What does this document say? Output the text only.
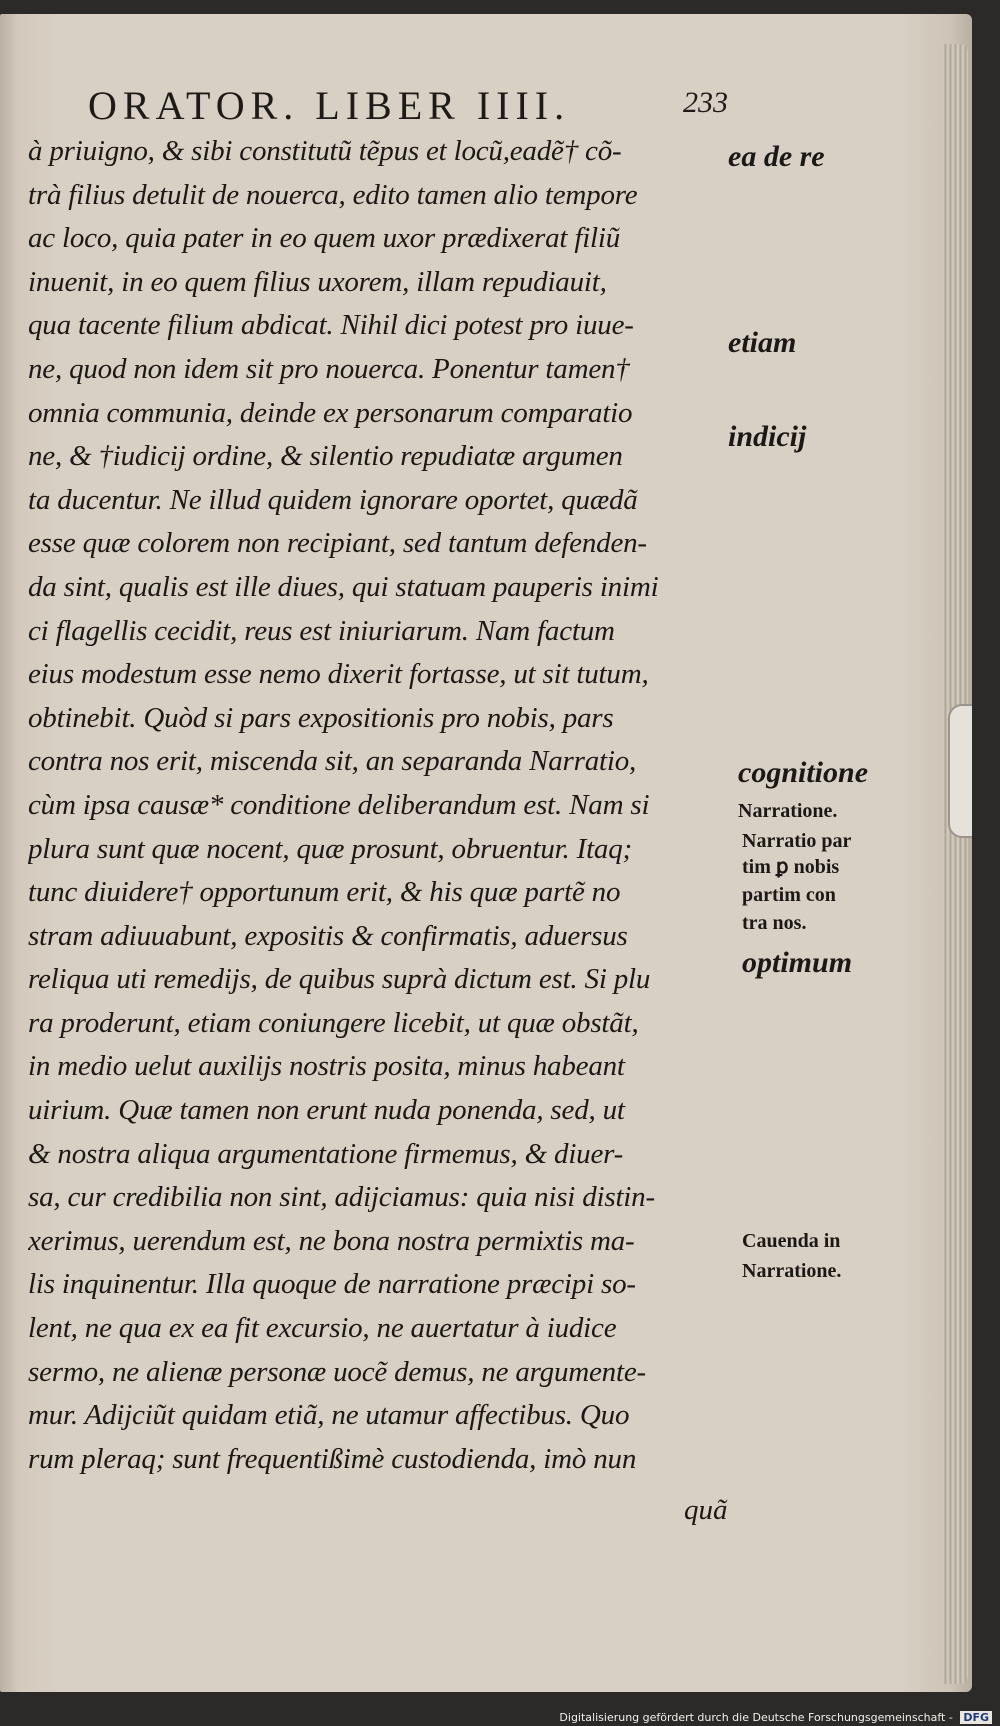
ORATOR. LIBER IIII.	233
à priuigno, & sibi constitutũ tẽpus et locũ,eadẽ† cõ-
trà filius detulit de nouerca, edito tamen alio tempore
ac loco, quia pater in eo quem uxor prædixerat filiũ
inuenit, in eo quem filius uxorem, illam repudiauit,
qua tacente filium abdicat. Nihil dici potest pro iuue-
ne, quod non idem sit pro nouerca. Ponentur tamen†
omnia communia, deinde ex personarum comparatio
ne, & †iudicij ordine, & silentio repudiatæ argumen
ta ducentur. Ne illud quidem ignorare oportet, quædã
esse quæ colorem non recipiant, sed tantum defenden-
da sint, qualis est ille diues, qui statuam pauperis inimi
ci flagellis cecidit, reus est iniuriarum. Nam factum
eius modestum esse nemo dixerit fortasse, ut sit tutum,
obtinebit. Quòd si pars expositionis pro nobis, pars
contra nos erit, miscenda sit, an separanda Narratio,
cùm ipsa causæ* conditione deliberandum est. Nam si
plura sunt quæ nocent, quæ prosunt, obruentur. Itaq;
tunc diuidere† opportunum erit, & his quæ partẽ no
stram adiuuabunt, expositis & confirmatis, aduersus
reliqua uti remedijs, de quibus suprà dictum est. Si plu
ra proderunt, etiam coniungere licebit, ut quæ obstãt,
in medio uelut auxilijs nostris posita, minus habeant
uirium. Quæ tamen non erunt nuda ponenda, sed, ut
& nostra aliqua argumentatione firmemus, & diuer-
sa, cur credibilia non sint, adijciamus: quia nisi distin-
xerimus, uerendum est, ne bona nostra permixtis ma-
lis inquinentur. Illa quoque de narratione præcipi so-
lent, ne qua ex ea fit excursio, ne auertatur à iudice
sermo, ne alienæ personæ uocẽ demus, ne argumente-
mur. Adijciũt quidam etiã, ne utamur affectibus. Quo
rum pleraq; sunt frequentißimè custodienda, imò nun
quã
ea de re
etiam
indicij
cognitione
Narratione.
Narratio par
tim ꝑ nobis
partim con
tra nos.
optimum
Cauenda in
Narratione.
Digitalisierung gefördert durch die Deutsche Forschungsgemeinschaft - DFG
